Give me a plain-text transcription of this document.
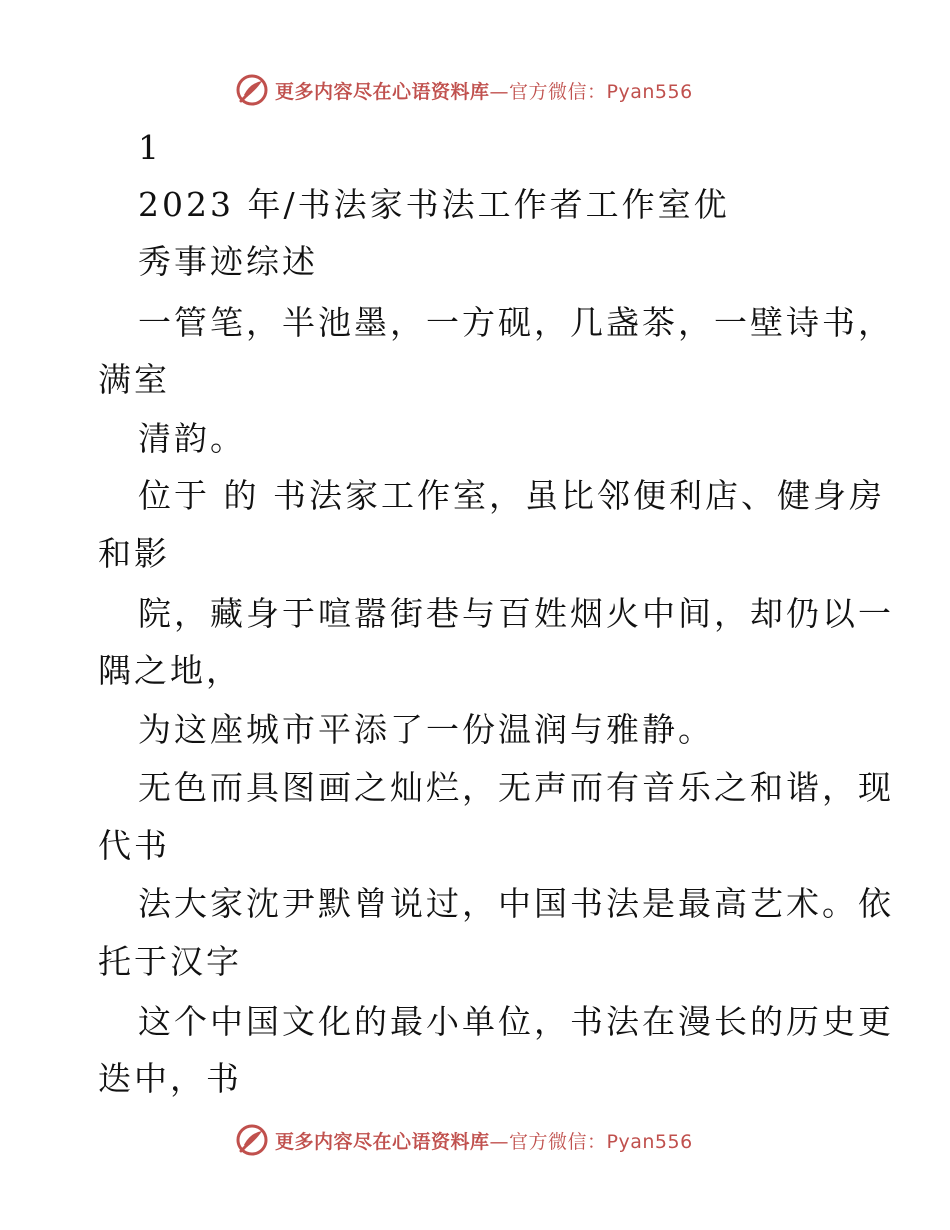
更多内容尽在心语资料库—官方微信：Pyan556
1
2023 年/书法家书法工作者工作室优
秀事迹综述
一管笔，半池墨，一方砚，几盏茶，一壁诗书，
满室
清韵。
位于 的 书法家工作室，虽比邻便利店、健身房
和影
院，藏身于喧嚣街巷与百姓烟火中间，却仍以一
隅之地，
为这座城市平添了一份温润与雅静。
无色而具图画之灿烂，无声而有音乐之和谐，现
代书
法大家沈尹默曾说过，中国书法是最高艺术。依
托于汉字
这个中国文化的最小单位，书法在漫长的历史更
迭中，书
更多内容尽在心语资料库—官方微信：Pyan556
